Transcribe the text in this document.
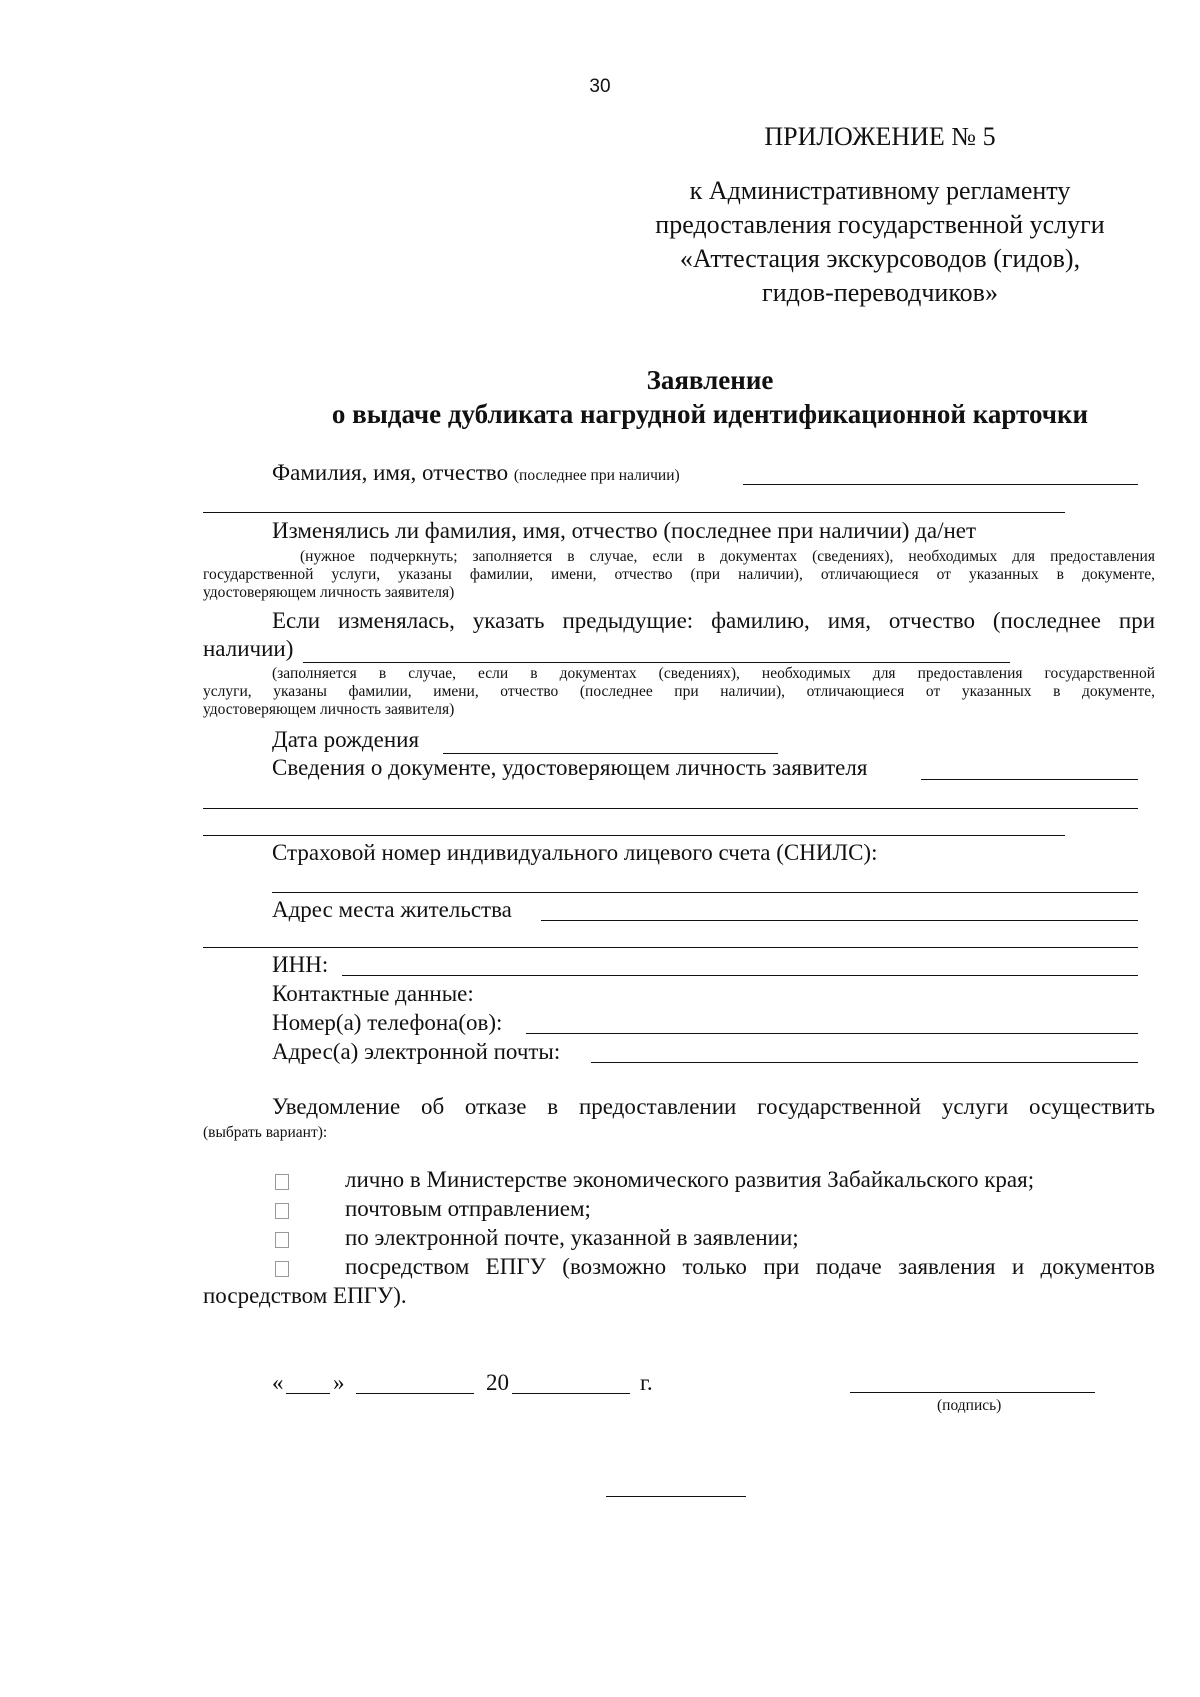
30
ПРИЛОЖЕНИЕ № 5
к Административному регламенту
предоставления государственной услуги
«Аттестация экскурсоводов (гидов),
гидов-переводчиков»
Заявление
о выдаче дубликата нагрудной идентификационной карточки
Фамилия, имя, отчество (последнее при наличии)
Изменялись ли фамилия, имя, отчество (последнее при наличии) да/нет
(нужное подчеркнуть; заполняется в случае, если в документах (сведениях), необходимых для предоставления
государственной услуги, указаны фамилии, имени, отчество (при наличии), отличающиеся от указанных в документе,
удостоверяющем личность заявителя)
Если изменялась, указать предыдущие: фамилию, имя, отчество (последнее при
наличии)
(заполняется в случае, если в документах (сведениях), необходимых для предоставления государственной
услуги, указаны фамилии, имени, отчество (последнее при наличии), отличающиеся от указанных в документе,
удостоверяющем личность заявителя)
Дата рождения
Сведения о документе, удостоверяющем личность заявителя
Страховой номер индивидуального лицевого счета (СНИЛС):
Адрес места жительства
ИНН:
Контактные данные:
Номер(а) телефона(ов):
Адрес(а) электронной почты:
Уведомление об отказе в предоставлении государственной услуги осуществить
(выбрать вариант):
лично в Министерстве экономического развития Забайкальского края;
почтовым отправлением;
по электронной почте, указанной в заявлении;
посредством ЕПГУ (возможно только при подаче заявления и документов
посредством ЕПГУ).
« »	20	г.
(подпись)
